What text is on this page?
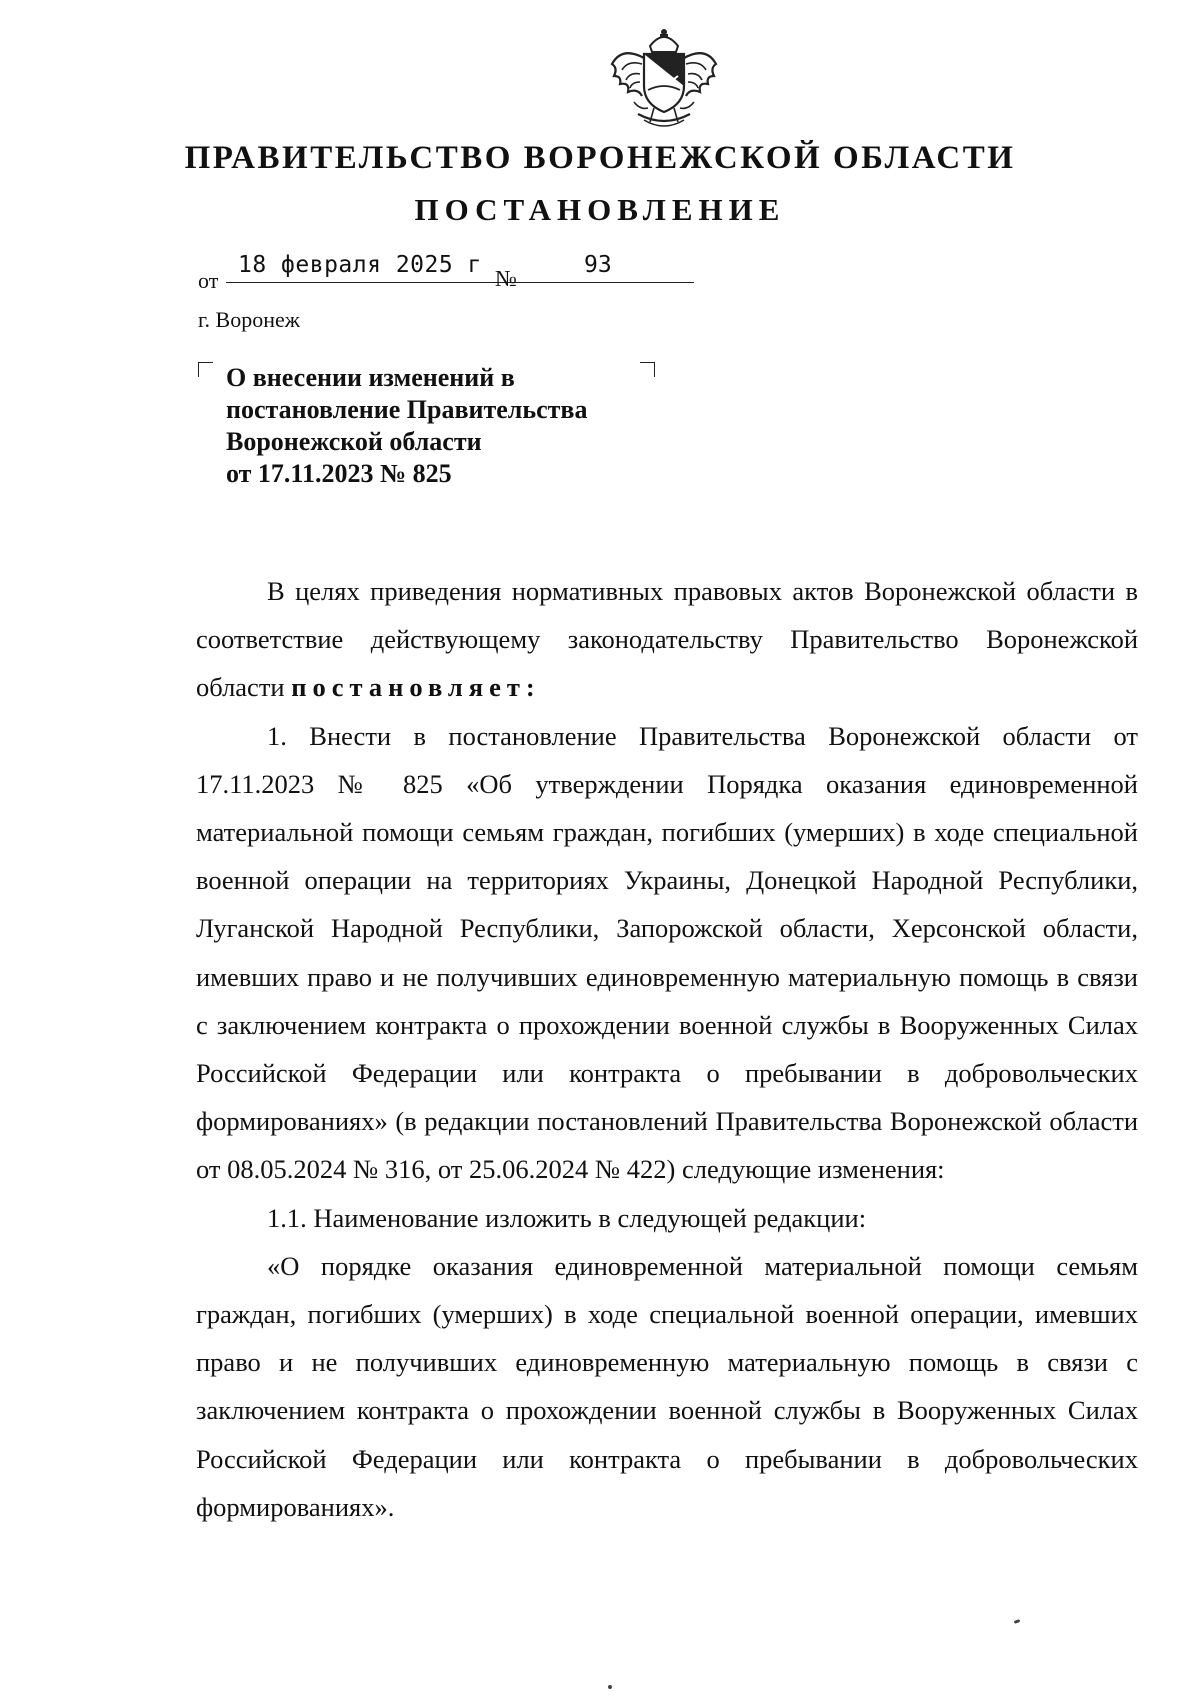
ПРАВИТЕЛЬСТВО ВОРОНЕЖСКОЙ ОБЛАСТИ
ПОСТАНОВЛЕНИЕ
от
18 февраля 2025 г
№
93

г. Воронеж

О внесении изменений в
постановление Правительства
Воронежской области
от 17.11.2023 № 825

В целях приведения нормативных правовых актов Воронежской области в соответствие действующему законодательству Правительство Воронежской области постановляет:

1. Внести в постановление Правительства Воронежской области от 17.11.2023 № 825 «Об утверждении Порядка оказания единовременной материальной помощи семьям граждан, погибших (умерших) в ходе специальной военной операции на территориях Украины, Донецкой Народной Республики, Луганской Народной Республики, Запорожской области, Херсонской области, имевших право и не получивших единовременную материальную помощь в связи с заключением контракта о прохождении военной службы в Вооруженных Силах Российской Федерации или контракта о пребывании в добровольческих формированиях» (в редакции постановлений Правительства Воронежской области от 08.05.2024 № 316, от 25.06.2024 № 422) следующие изменения:

1.1. Наименование изложить в следующей редакции:

«О порядке оказания единовременной материальной помощи семьям граждан, погибших (умерших) в ходе специальной военной операции, имевших право и не получивших единовременную материальную помощь в связи с заключением контракта о прохождении военной службы в Вооруженных Силах Российской Федерации или контракта о пребывании в добровольческих формированиях».
